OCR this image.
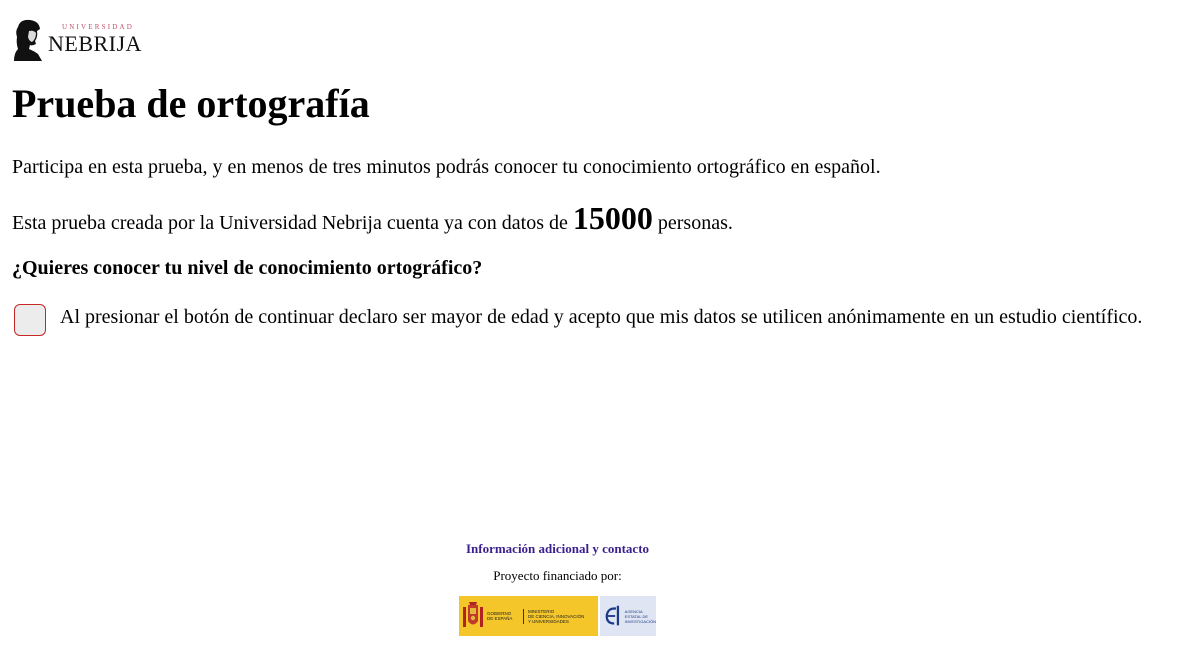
UNIVERSIDAD
NEBRIJA
Prueba de ortografía

Participa en esta prueba, y en menos de tres minutos podrás conocer tu conocimiento ortográfico en español.

Esta prueba creada por la Universidad Nebrija cuenta ya con datos de 15000 personas.

¿Quieres conocer tu nivel de conocimiento ortográfico?
Al presionar el botón de continuar declaro ser mayor de edad y acepto que mis datos se utilicen anónimamente en un estudio científico.
Información adicional y contacto
Proyecto financiado por:
GOBIERNO
DE ESPAÑA
MINISTERIO
DE CIENCIA, INNOVACIÓN
Y UNIVERSIDADES
AGENCIA
ESTATAL DE
INVESTIGACIÓN
